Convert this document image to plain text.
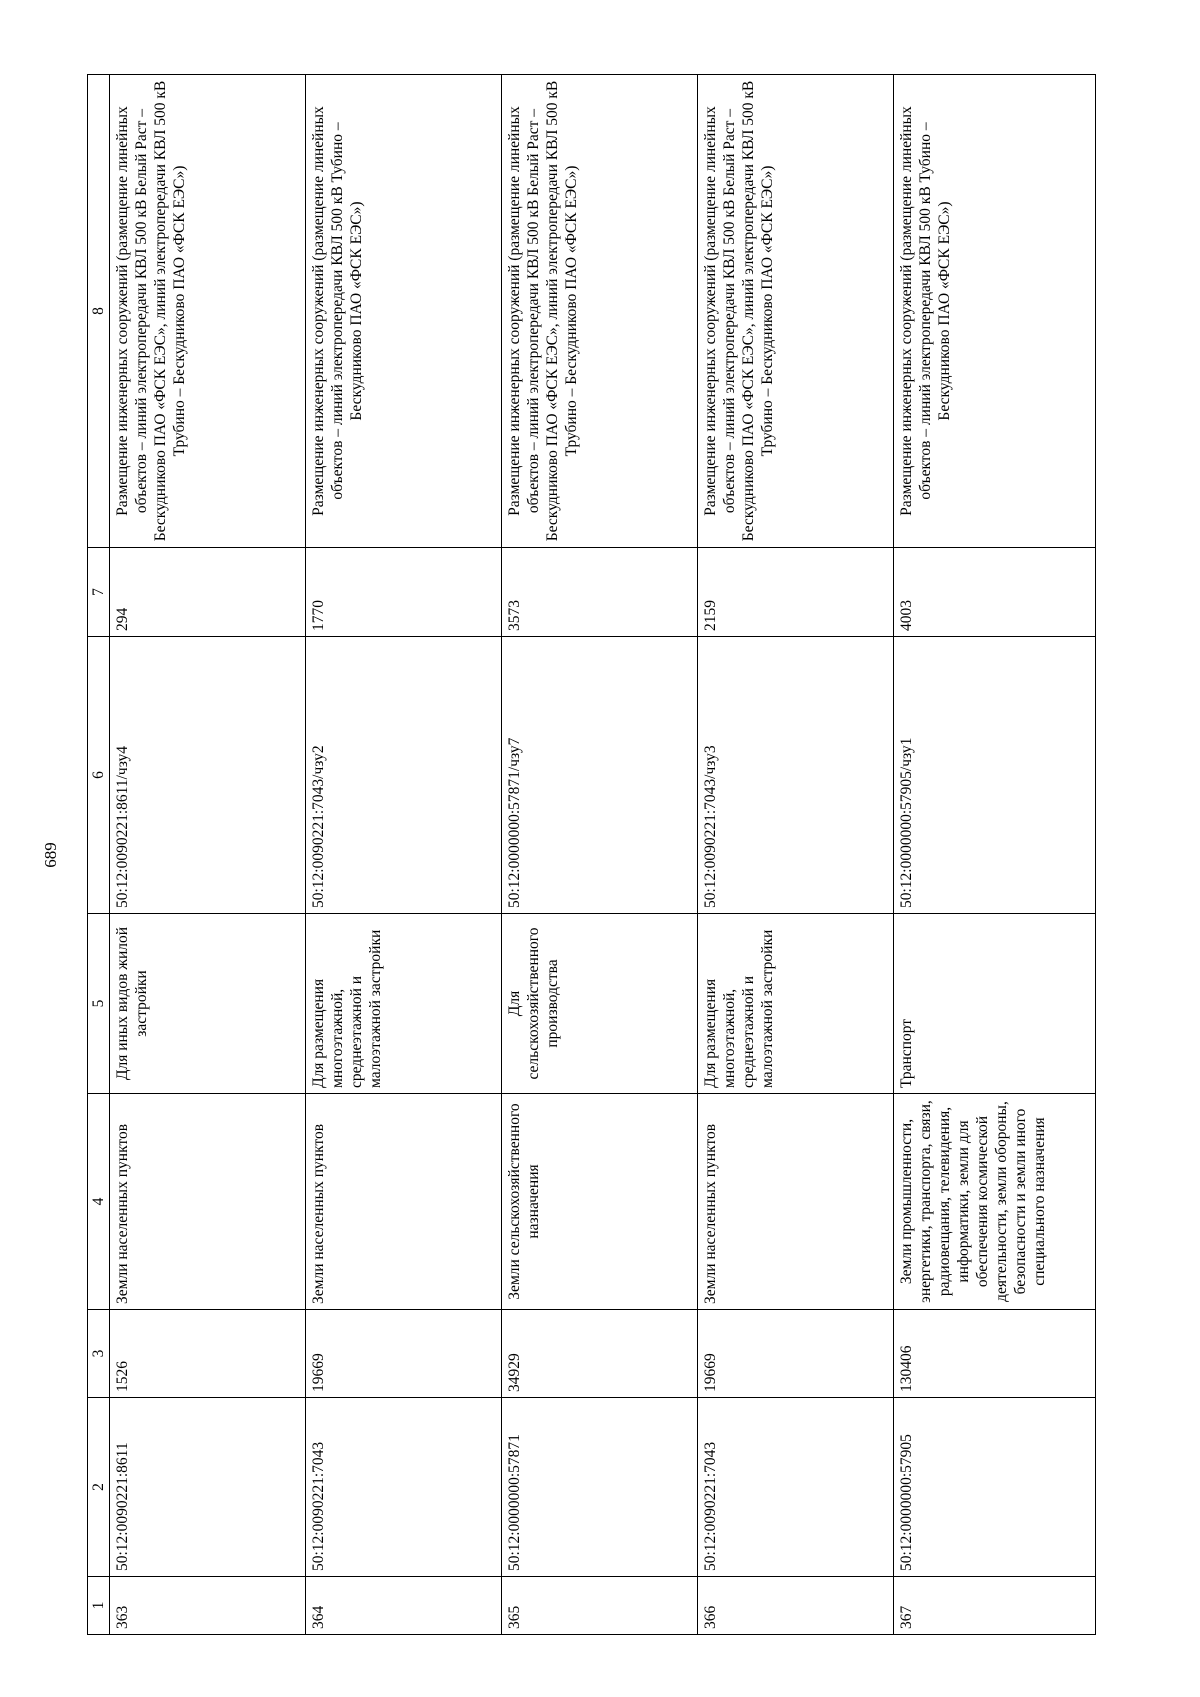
689
1	2	3	4	5	6	7	8
363	50:12:0090221:8611	1526	Земли населенных пунктов	Для иных видов жилой застройки	50:12:0090221:8611/чзу4	294	Размещение инженерных сооружений (размещение линейных объектов – линий электропередачи КВЛ 500 кВ Белый Раст – Бескудниково ПАО «ФСК ЕЭС», линий электропередачи КВЛ 500 кВ Трубино – Бескудниково ПАО «ФСК ЕЭС»)
364	50:12:0090221:7043	19669	Земли населенных пунктов	Для размещения многоэтажной, среднеэтажной и малоэтажной застройки	50:12:0090221:7043/чзу2	1770	Размещение инженерных сооружений (размещение линейных объектов – линий электропередачи КВЛ 500 кВ Тубино – Бескудниково ПАО «ФСК ЕЭС»)
365	50:12:0000000:57871	34929	Земли сельскохозяйственного назначения	Для сельскохозяйственного производства	50:12:0000000:57871/чзу7	3573	Размещение инженерных сооружений (размещение линейных объектов – линий электропередачи КВЛ 500 кВ Белый Раст – Бескудниково ПАО «ФСК ЕЭС», линий электропередачи КВЛ 500 кВ Трубино – Бескудниково ПАО «ФСК ЕЭС»)
366	50:12:0090221:7043	19669	Земли населенных пунктов	Для размещения многоэтажной, среднеэтажной и малоэтажной застройки	50:12:0090221:7043/чзу3	2159	Размещение инженерных сооружений (размещение линейных объектов – линий электропередачи КВЛ 500 кВ Белый Раст – Бескудниково ПАО «ФСК ЕЭС», линий электропередачи КВЛ 500 кВ Трубино – Бескудниково ПАО «ФСК ЕЭС»)
367	50:12:0000000:57905	130406	Земли промышленности, энергетики, транспорта, связи, радиовещания, телевидения, информатики, земли для обеспечения космической деятельности, земли обороны, безопасности и земли иного специального назначения	Транспорт	50:12:0000000:57905/чзу1	4003	Размещение инженерных сооружений (размещение линейных объектов – линий электропередачи КВЛ 500 кВ Тубино – Бескудниково ПАО «ФСК ЕЭС»)
